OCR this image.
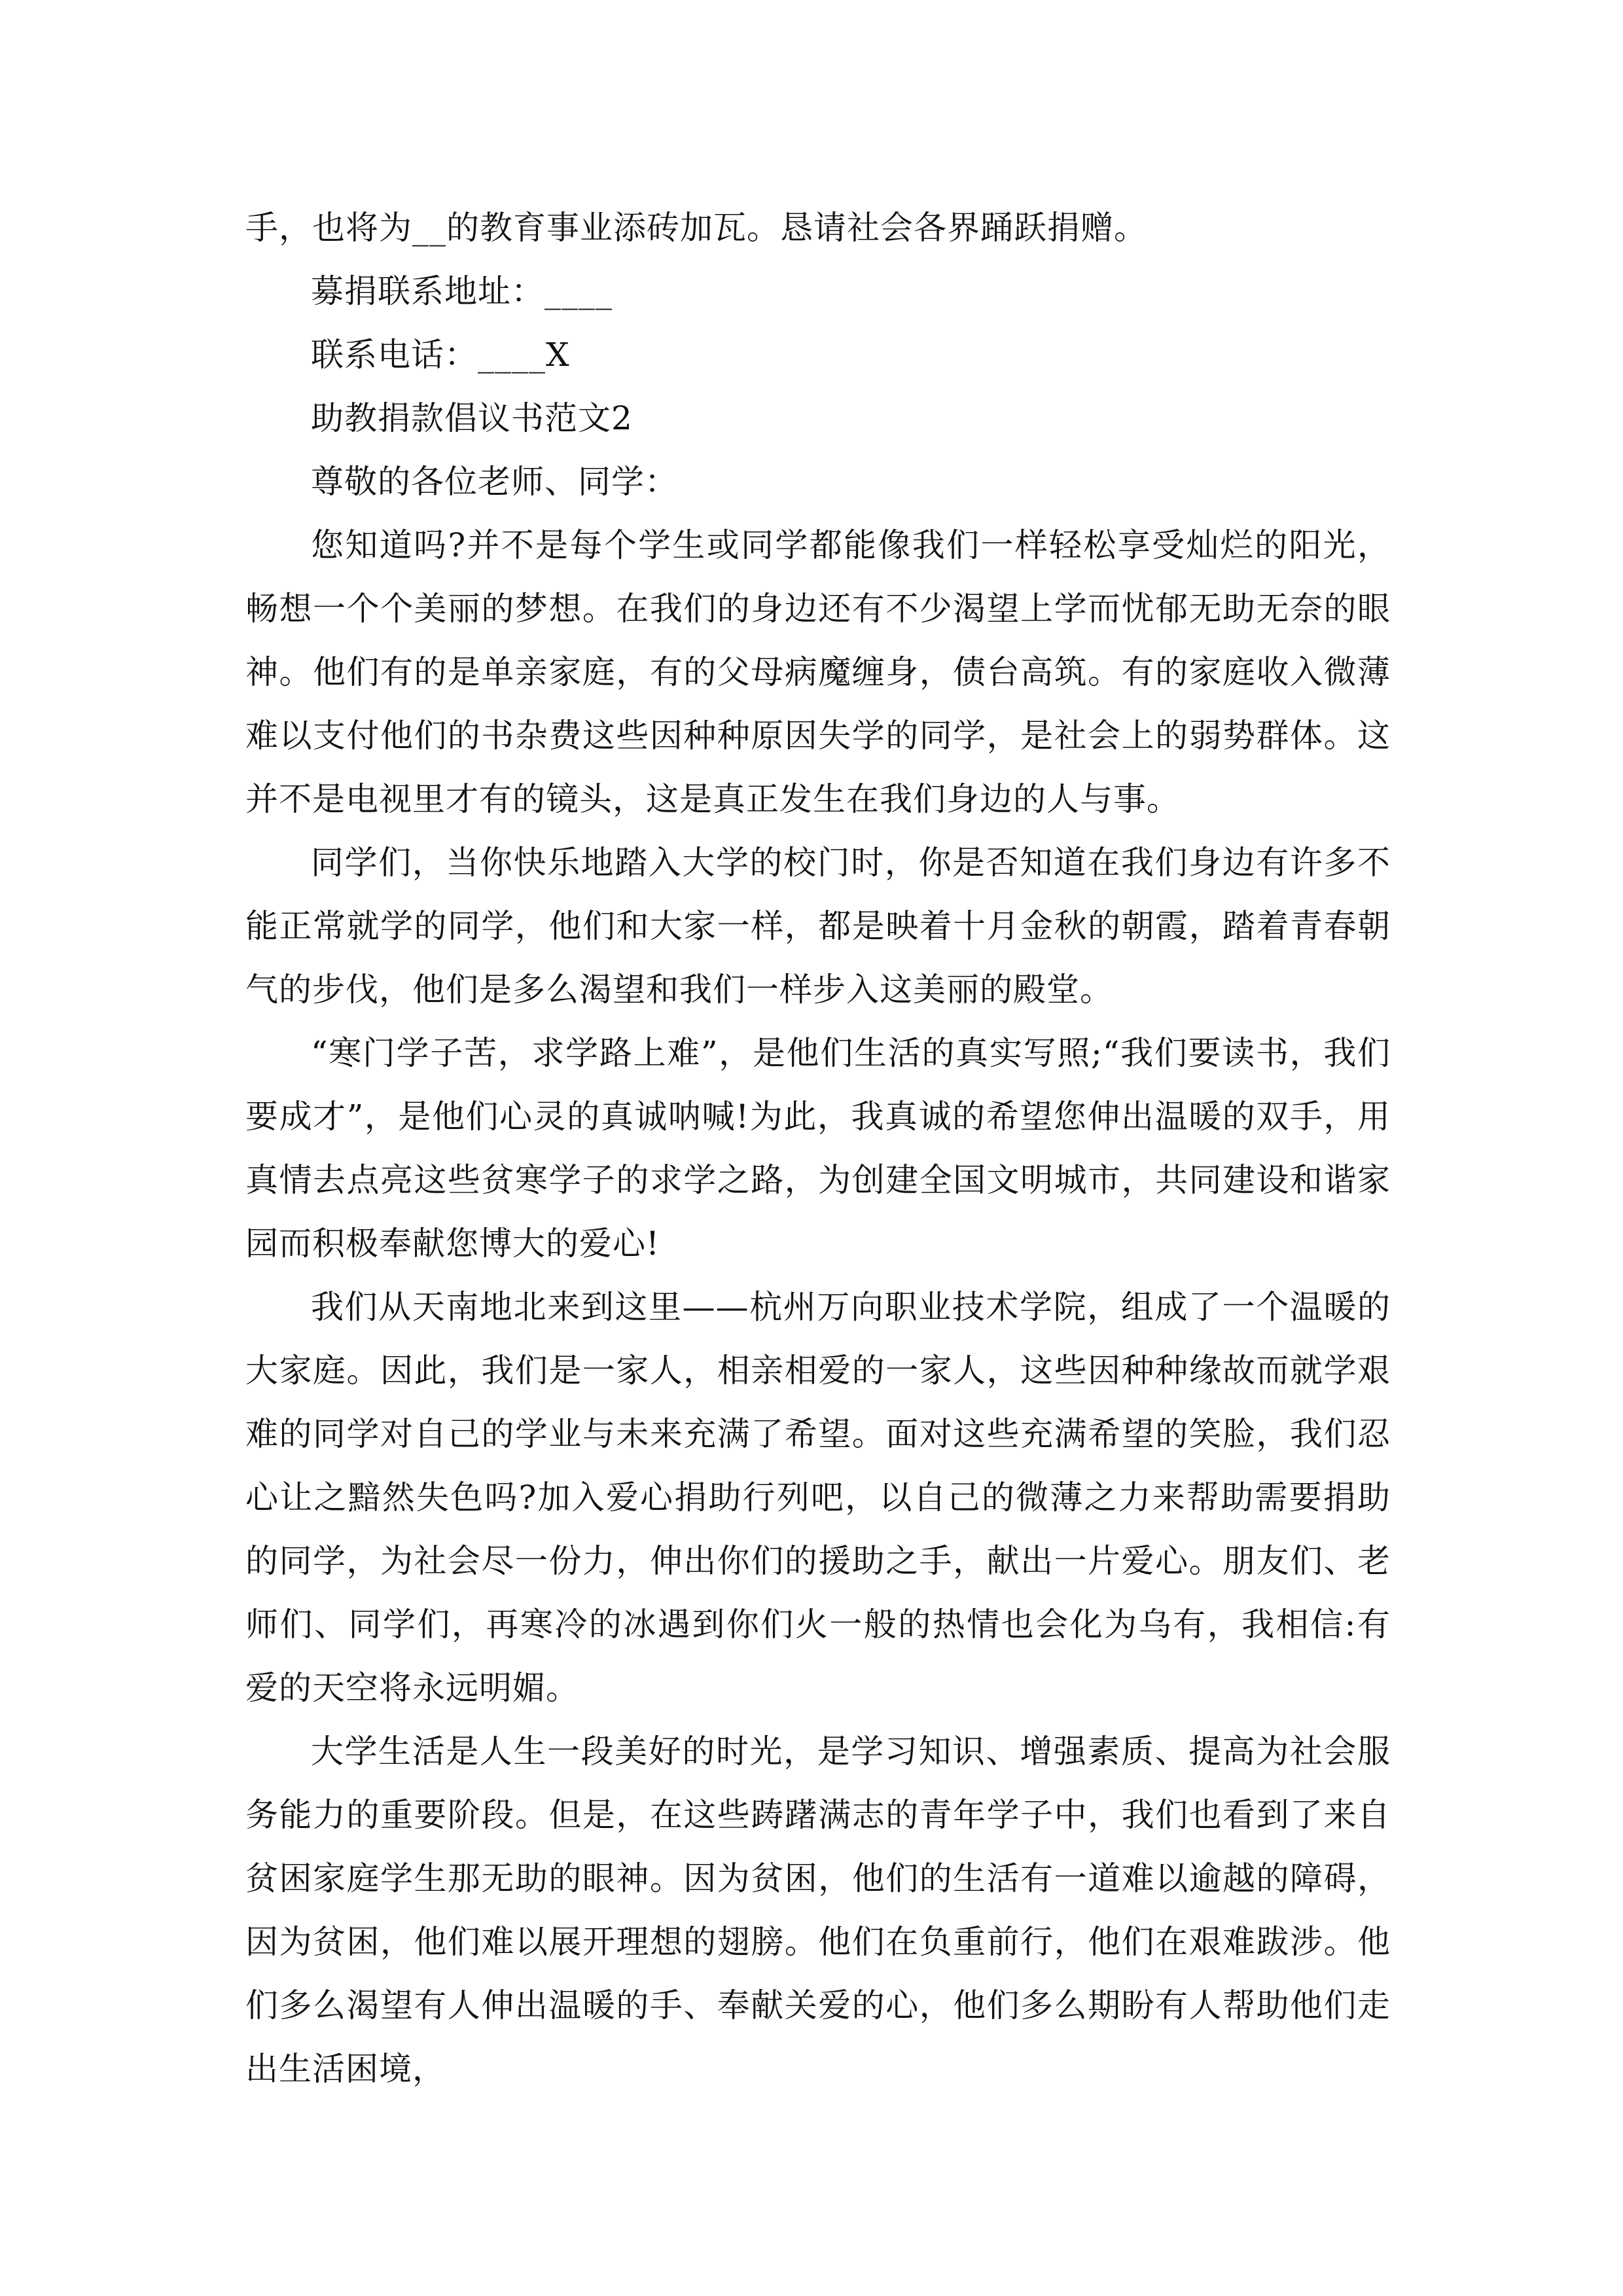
手，也将为__的教育事业添砖加瓦。恳请社会各界踊跃捐赠。

募捐联系地址：____

联系电话：____X

助教捐款倡议书范文2

尊敬的各位老师、同学：

您知道吗?并不是每个学生或同学都能像我们一样轻松享受灿烂的阳光，畅想一个个美丽的梦想。在我们的身边还有不少渴望上学而忧郁无助无奈的眼神。他们有的是单亲家庭，有的父母病魔缠身，债台高筑。有的家庭收入微薄难以支付他们的书杂费这些因种种原因失学的同学，是社会上的弱势群体。这并不是电视里才有的镜头，这是真正发生在我们身边的人与事。

同学们，当你快乐地踏入大学的校门时，你是否知道在我们身边有许多不能正常就学的同学，他们和大家一样，都是映着十月金秋的朝霞，踏着青春朝气的步伐，他们是多么渴望和我们一样步入这美丽的殿堂。

“寒门学子苦，求学路上难”，是他们生活的真实写照;“我们要读书，我们要成才”，是他们心灵的真诚呐喊!为此，我真诚的希望您伸出温暖的双手，用真情去点亮这些贫寒学子的求学之路，为创建全国文明城市，共同建设和谐家园而积极奉献您博大的爱心!

我们从天南地北来到这里——杭州万向职业技术学院，组成了一个温暖的大家庭。因此，我们是一家人，相亲相爱的一家人，这些因种种缘故而就学艰难的同学对自己的学业与未来充满了希望。面对这些充满希望的笑脸，我们忍心让之黯然失色吗?加入爱心捐助行列吧，以自己的微薄之力来帮助需要捐助的同学，为社会尽一份力，伸出你们的援助之手，献出一片爱心。朋友们、老师们、同学们，再寒冷的冰遇到你们火一般的热情也会化为乌有，我相信:有爱的天空将永远明媚。

大学生活是人生一段美好的时光，是学习知识、增强素质、提高为社会服务能力的重要阶段。但是，在这些踌躇满志的青年学子中，我们也看到了来自贫困家庭学生那无助的眼神。因为贫困，他们的生活有一道难以逾越的障碍，因为贫困，他们难以展开理想的翅膀。他们在负重前行，他们在艰难跋涉。他们多么渴望有人伸出温暖的手、奉献关爱的心，他们多么期盼有人帮助他们走出生活困境，
